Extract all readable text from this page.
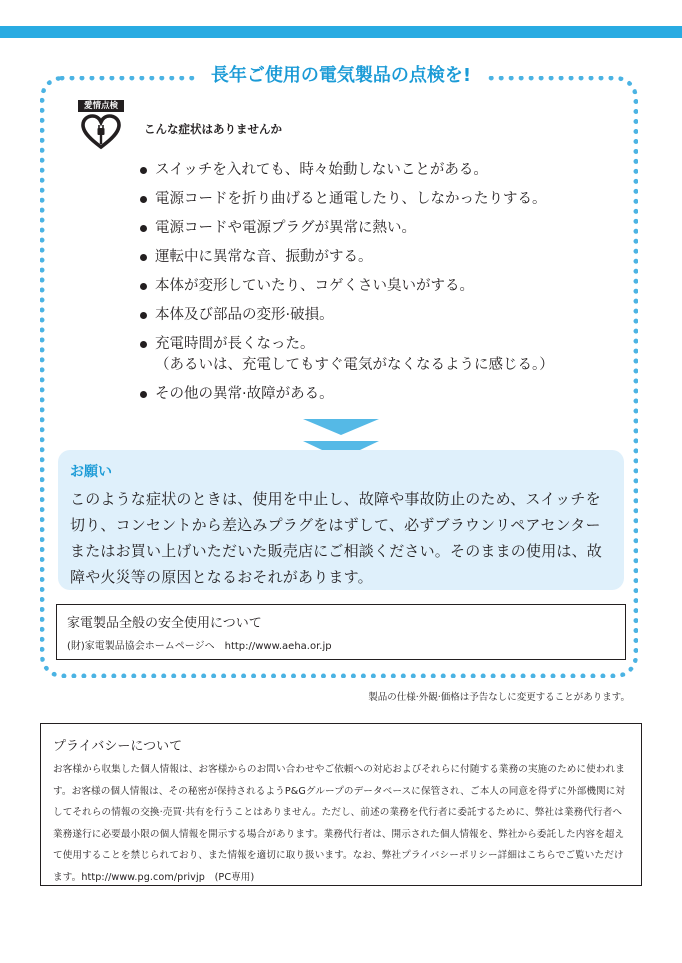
長年ご使用の電気製品の点検を!
愛情点検
こんな症状はありませんか
スイッチを入れても、時々始動しないことがある。
電源コードを折り曲げると通電したり、しなかったりする。
電源コードや電源プラグが異常に熱い。
運転中に異常な音、振動がする。
本体が変形していたり、コゲくさい臭いがする。
本体及び部品の変形·破損。
充電時間が長くなった。
（あるいは、充電してもすぐ電気がなくなるように感じる。）
その他の異常·故障がある。

お願い

このような症状のときは、使用を中止し、故障や事故防止のため、スイッチを切り、コンセントから差込みプラグをはずして、必ずブラウンリペアセンターまたはお買い上げいただいた販売店にご相談ください。そのままの使用は、故障や火災等の原因となるおそれがあります。

家電製品全般の安全使用について
(財)家電製品協会ホームページへ　http://www.aeha.or.jp
製品の仕様·外観·価格は予告なしに変更することがあります。
プライバシーについて

お客様から収集した個人情報は、お客様からのお問い合わせやご依頼への対応およびそれらに付随する業務の実施のために使われます。お客様の個人情報は、その秘密が保持されるようP&Gグループのデータベースに保管され、ご本人の同意を得ずに外部機関に対してそれらの情報の交換·売買·共有を行うことはありません。ただし、前述の業務を代行者に委託するために、弊社は業務代行者へ業務遂行に必要最小限の個人情報を開示する場合があります。業務代行者は、開示された個人情報を、弊社から委託した内容を超えて使用することを禁じられており、また情報を適切に取り扱います。なお、弊社プライバシーポリシー詳細はこちらでご覧いただけます。http://www.pg.com/privjp　(PC専用)
